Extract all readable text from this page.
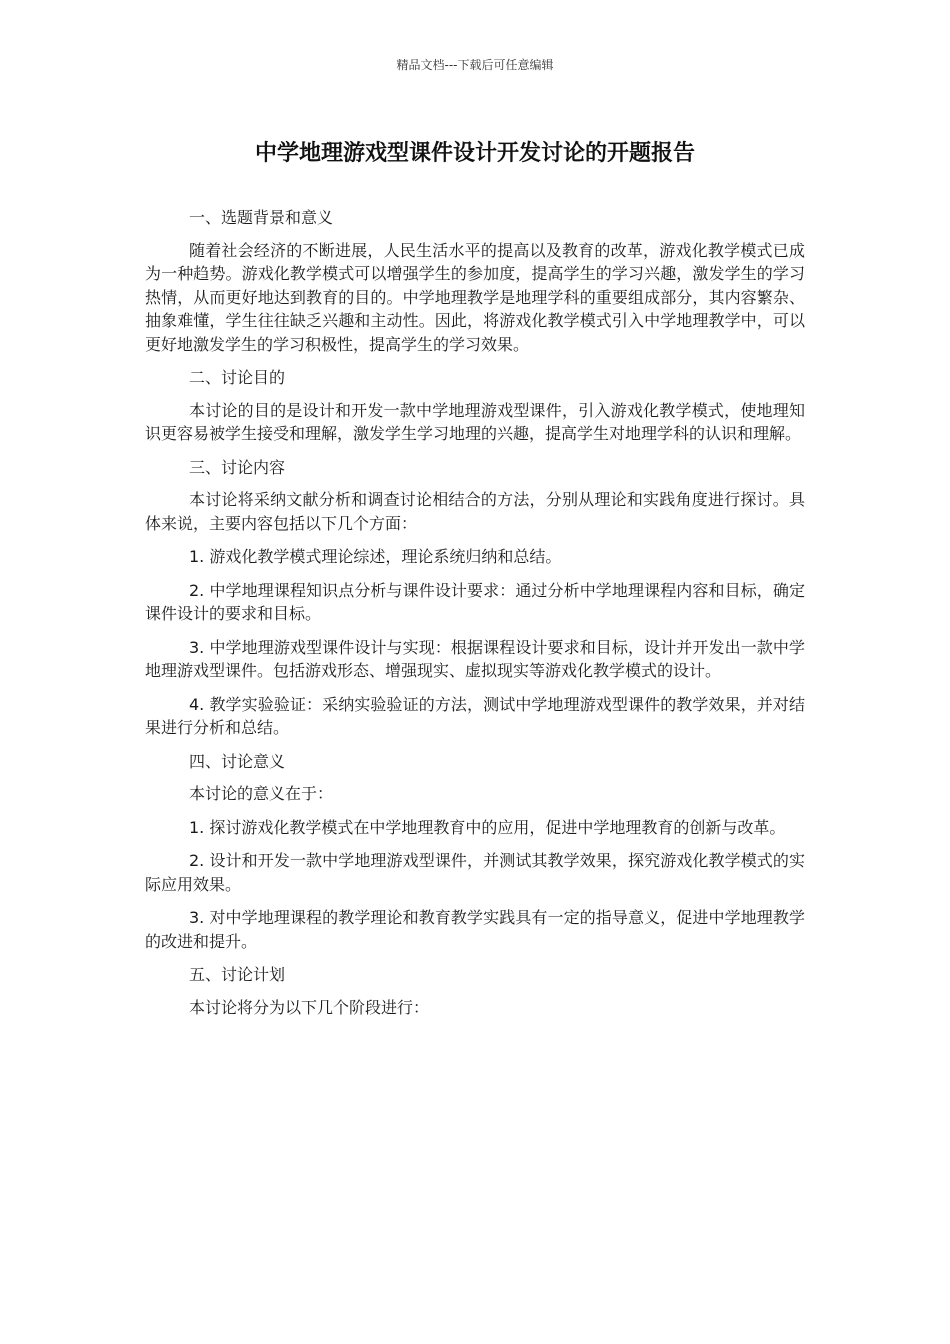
精品文档---下载后可任意编辑
中学地理游戏型课件设计开发讨论的开题报告
一、选题背景和意义
随着社会经济的不断进展，人民生活水平的提高以及教育的改革，游戏化教学模式已成为一种趋势。游戏化教学模式可以增强学生的参加度，提高学生的学习兴趣，激发学生的学习热情，从而更好地达到教育的目的。中学地理教学是地理学科的重要组成部分，其内容繁杂、抽象难懂，学生往往缺乏兴趣和主动性。因此，将游戏化教学模式引入中学地理教学中，可以更好地激发学生的学习积极性，提高学生的学习效果。
二、讨论目的
本讨论的目的是设计和开发一款中学地理游戏型课件，引入游戏化教学模式，使地理知识更容易被学生接受和理解，激发学生学习地理的兴趣，提高学生对地理学科的认识和理解。
三、讨论内容
本讨论将采纳文献分析和调查讨论相结合的方法，分别从理论和实践角度进行探讨。具体来说，主要内容包括以下几个方面：
1. 游戏化教学模式理论综述，理论系统归纳和总结。
2. 中学地理课程知识点分析与课件设计要求：通过分析中学地理课程内容和目标，确定课件设计的要求和目标。
3. 中学地理游戏型课件设计与实现：根据课程设计要求和目标，设计并开发出一款中学地理游戏型课件。包括游戏形态、增强现实、虚拟现实等游戏化教学模式的设计。
4. 教学实验验证：采纳实验验证的方法，测试中学地理游戏型课件的教学效果，并对结果进行分析和总结。
四、讨论意义
本讨论的意义在于：
1. 探讨游戏化教学模式在中学地理教育中的应用，促进中学地理教育的创新与改革。
2. 设计和开发一款中学地理游戏型课件，并测试其教学效果，探究游戏化教学模式的实际应用效果。
3. 对中学地理课程的教学理论和教育教学实践具有一定的指导意义，促进中学地理教学的改进和提升。
五、讨论计划
本讨论将分为以下几个阶段进行：
